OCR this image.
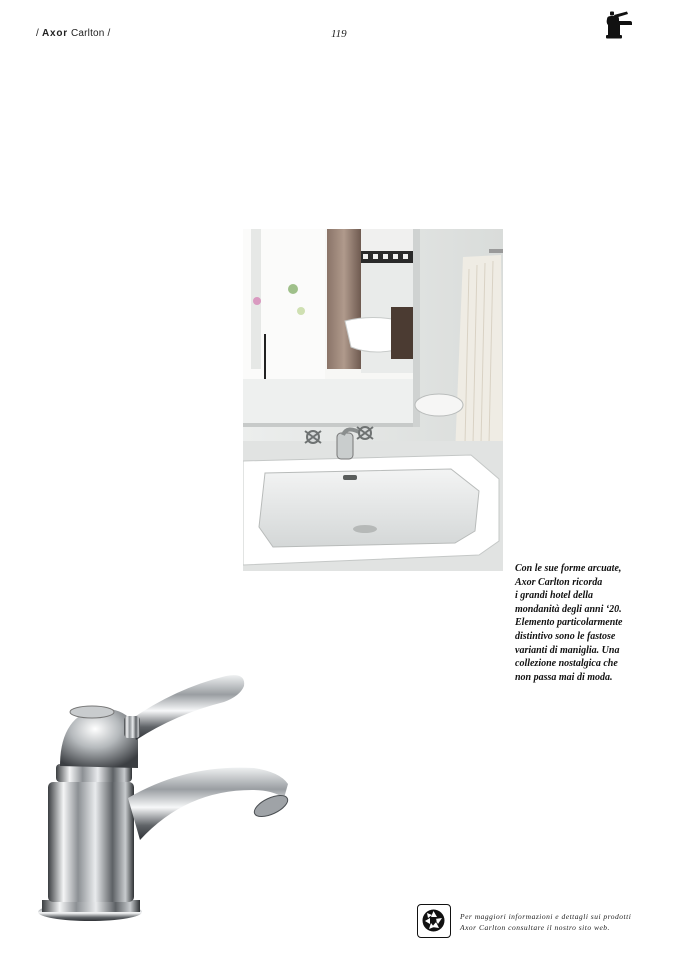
/ Axor Carlton /	119
Con le sue forme arcuate,
Axor Carlton ricorda
i grandi hotel della
mondanità degli anni ‘20.
Elemento particolarmente
distintivo sono le fastose
varianti di maniglia. Una
collezione nostalgica che
non passa mai di moda.
Per maggiori informazioni e dettagli sui prodotti
Axor Carlton consultare il nostro sito web.
